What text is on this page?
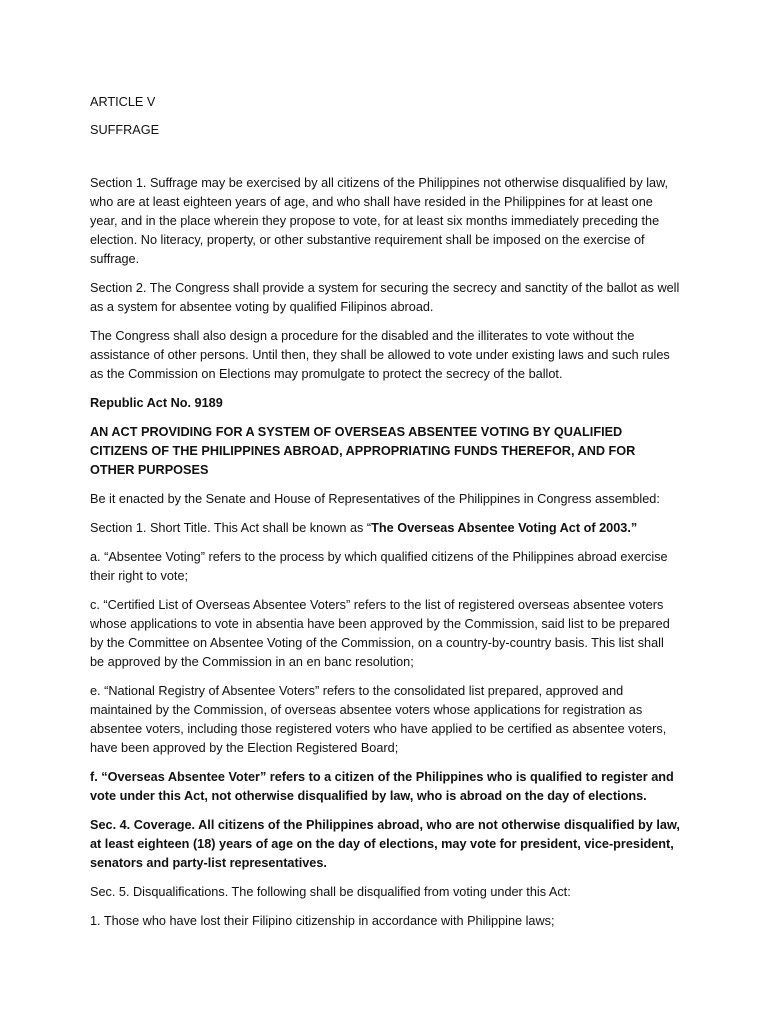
ARTICLE V

SUFFRAGE

Section 1. Suffrage may be exercised by all citizens of the Philippines not otherwise disqualified by law, who are at least eighteen years of age, and who shall have resided in the Philippines for at least one year, and in the place wherein they propose to vote, for at least six months immediately preceding the election. No literacy, property, or other substantive requirement shall be imposed on the exercise of suffrage.

Section 2. The Congress shall provide a system for securing the secrecy and sanctity of the ballot as well as a system for absentee voting by qualified Filipinos abroad.

The Congress shall also design a procedure for the disabled and the illiterates to vote without the assistance of other persons. Until then, they shall be allowed to vote under existing laws and such rules as the Commission on Elections may promulgate to protect the secrecy of the ballot.

Republic Act No. 9189

AN ACT PROVIDING FOR A SYSTEM OF OVERSEAS ABSENTEE VOTING BY QUALIFIED CITIZENS OF THE PHILIPPINES ABROAD, APPROPRIATING FUNDS THEREFOR, AND FOR OTHER PURPOSES

Be it enacted by the Senate and House of Representatives of the Philippines in Congress assembled:

Section 1. Short Title. This Act shall be known as “The Overseas Absentee Voting Act of 2003.”

a. “Absentee Voting” refers to the process by which qualified citizens of the Philippines abroad exercise their right to vote;

c. “Certified List of Overseas Absentee Voters” refers to the list of registered overseas absentee voters whose applications to vote in absentia have been approved by the Commission, said list to be prepared by the Committee on Absentee Voting of the Commission, on a country-by-country basis. This list shall be approved by the Commission in an en banc resolution;

e. “National Registry of Absentee Voters” refers to the consolidated list prepared, approved and maintained by the Commission, of overseas absentee voters whose applications for registration as absentee voters, including those registered voters who have applied to be certified as absentee voters, have been approved by the Election Registered Board;

f. “Overseas Absentee Voter” refers to a citizen of the Philippines who is qualified to register and vote under this Act, not otherwise disqualified by law, who is abroad on the day of elections.

Sec. 4. Coverage. All citizens of the Philippines abroad, who are not otherwise disqualified by law, at least eighteen (18) years of age on the day of elections, may vote for president, vice-president, senators and party-list representatives.

Sec. 5. Disqualifications. The following shall be disqualified from voting under this Act:

1. Those who have lost their Filipino citizenship in accordance with Philippine laws;
